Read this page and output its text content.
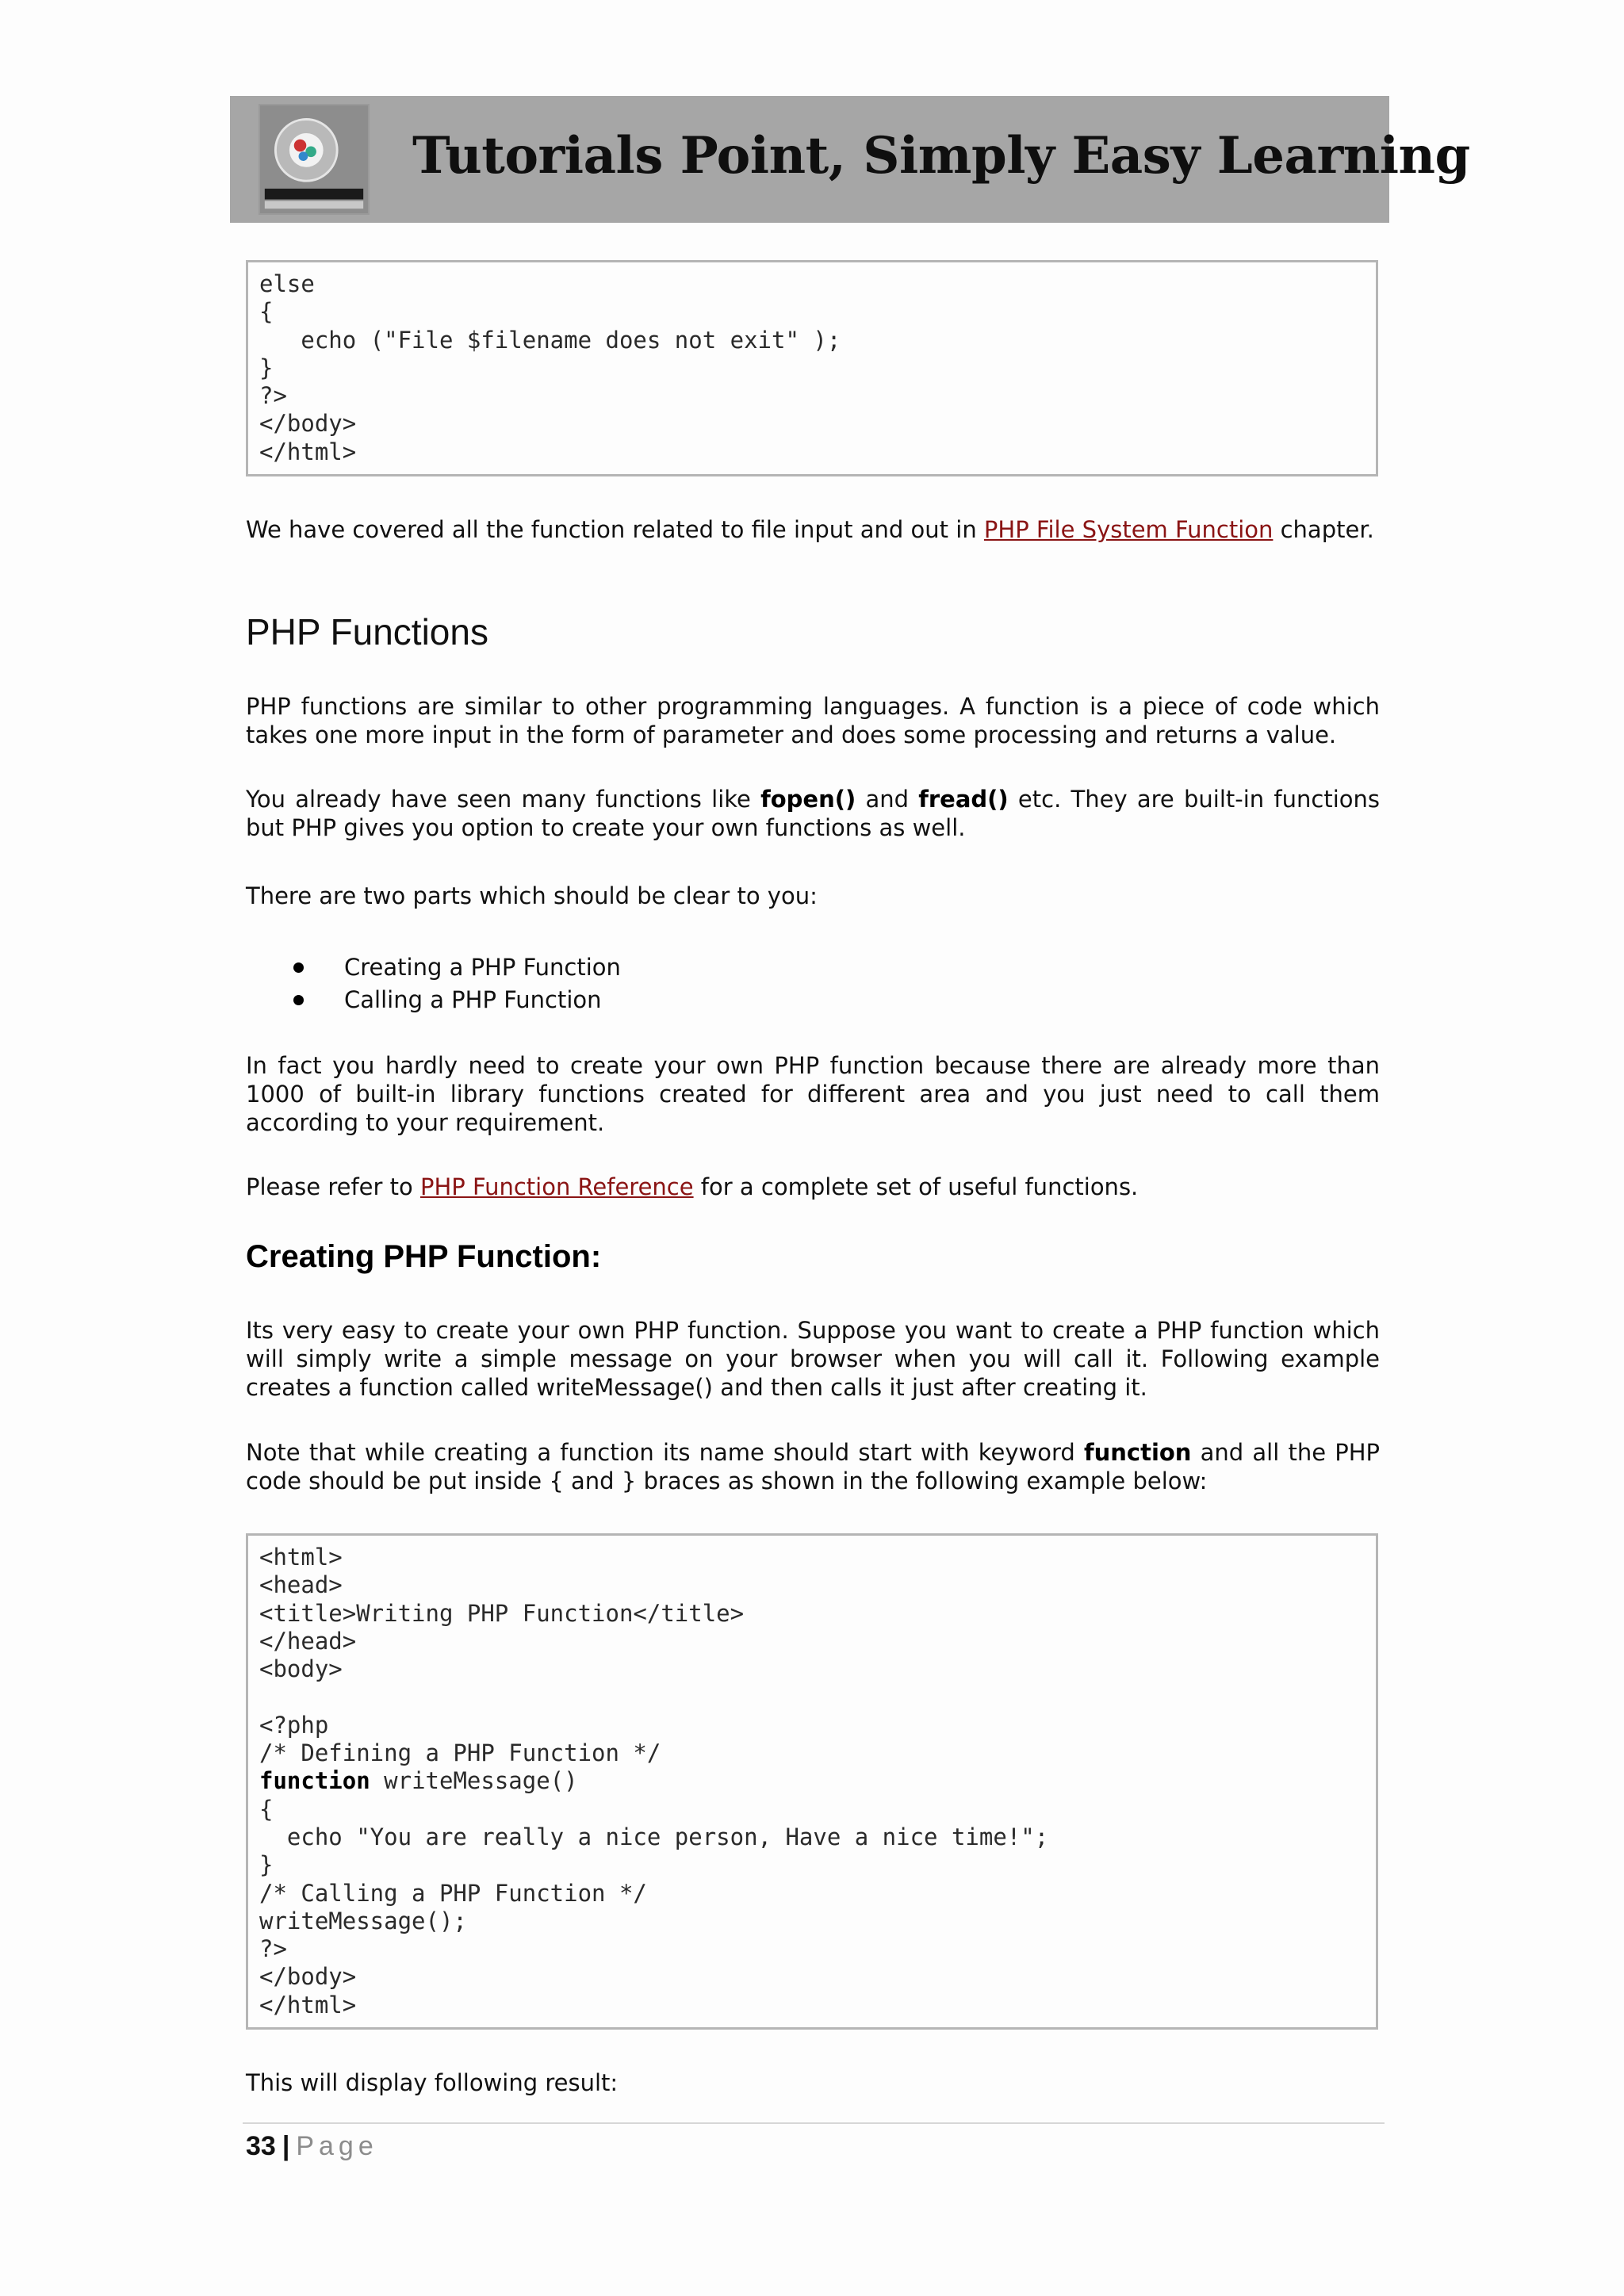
Tutorials Point, Simply Easy Learning
else
{
echo ("File $filename does not exit" );
}
?>
</body>
</html>
We have covered all the function related to file input and out in PHP File System Function chapter.
PHP Functions
PHP functions are similar to other programming languages. A function is a piece of code which takes one more input in the form of parameter and does some processing and returns a value.
You already have seen many functions like fopen() and fread() etc. They are built-in functions but PHP gives you option to create your own functions as well.
There are two parts which should be clear to you:
Creating a PHP Function
Calling a PHP Function
In fact you hardly need to create your own PHP function because there are already more than 1000 of built-in library functions created for different area and you just need to call them according to your requirement.
Please refer to PHP Function Reference for a complete set of useful functions.
Creating PHP Function:
Its very easy to create your own PHP function. Suppose you want to create a PHP function which will simply write a simple message on your browser when you will call it. Following example creates a function called writeMessage() and then calls it just after creating it.
Note that while creating a function its name should start with keyword function and all the PHP code should be put inside { and } braces as shown in the following example below:
<html>
<head>
<title>Writing PHP Function</title>
</head>
<body>
<?php
/* Defining a PHP Function */
function writeMessage()
{
echo "You are really a nice person, Have a nice time!";
}
/* Calling a PHP Function */
writeMessage();
?>
</body>
</html>
This will display following result:
33 | Page
